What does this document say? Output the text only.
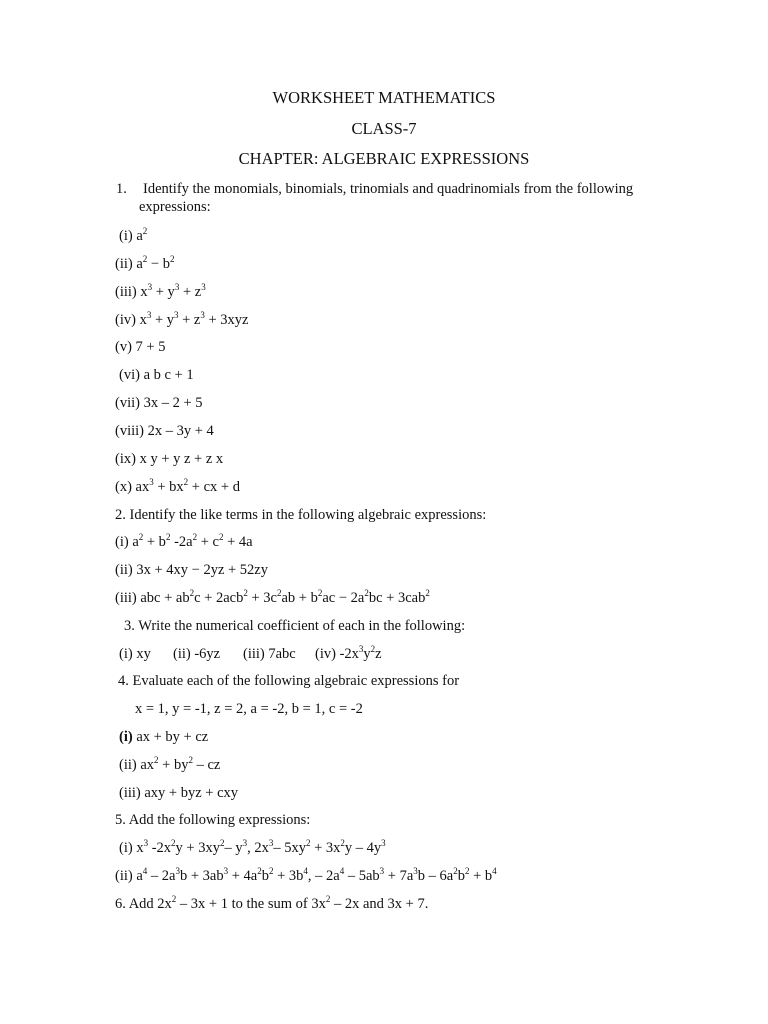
WORKSHEET MATHEMATICS
CLASS-7
CHAPTER: ALGEBRAIC EXPRESSIONS
1. Identify the monomials, binomials, trinomials and quadrinomials from the following
expressions:
(i) $a^2$
(ii) $a^2 - b^2$
(iii) $x^3 + y^3 + z^3$
(iv) $x^3 + y^3 + z^3 + 3xyz$
(v) 7 + 5
(vi) a b c + 1
(vii) 3x – 2 + 5
(viii) 2x – 3y + 4
(ix) x y + y z + z x
(x) $ax^3 + bx^2$ + cx + d
2. Identify the like terms in the following algebraic expressions:
(i) $a^2 + b^2$ $-2a^2 + c^2 + 4a$
(ii) 3x + 4xy − 2yz + 52zy
(iii) abc + $ab^2c + 2acb^2 + 3c^2ab + b^2ac - 2a^2bc + 3cab^2$
3. Write the numerical coefficient of each in the following:
(i) xy (ii) -6yz (iii) 7abc (iv) $-2x^3y^2z$
4. Evaluate each of the following algebraic expressions for
x = 1, y = -1, z = 2, a = -2, b = 1, c = -2
(i) ax + by + cz
(ii) $ax^2 + by^2$ – cz
(iii) axy + byz + cxy
5. Add the following expressions:
(i) $x^3$ $-2x^2y + 3xy^2-$ $y^3$, $2x^3-$ $5xy^2 + 3x^2y - 4y^3$
(ii) $a^4 - 2a^3b + 3ab^3 + 4a^2b^2 + 3b^4$, – $2a^4 - 5ab^3 + 7a^3b - 6a^2b^2 + b^4$
6. Add $2x^2 - 3x + 1$ to the sum of $3x^2 - 2x$ and 3x + 7.
